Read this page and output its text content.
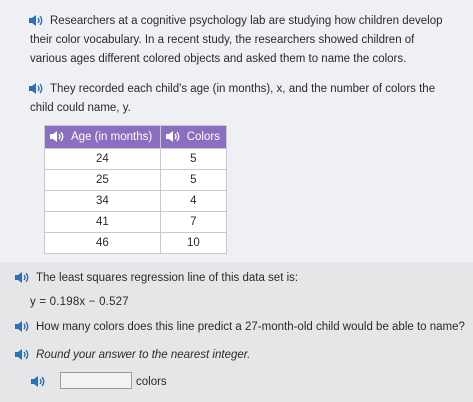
Researchers at a cognitive psychology lab are studying how children develop
their color vocabulary. In a recent study, the researchers showed children of
various ages different colored objects and asked them to name the colors.
They recorded each child's age (in months), x, and the number of colors the
child could name, y.
Age (in months)	Colors
24	5
25	5
34	4
41	7
46	10
The least squares regression line of this data set is:
y = 0.198x − 0.527
How many colors does this line predict a 27-month-old child would be able to name?
Round your answer to the nearest integer.
colors
